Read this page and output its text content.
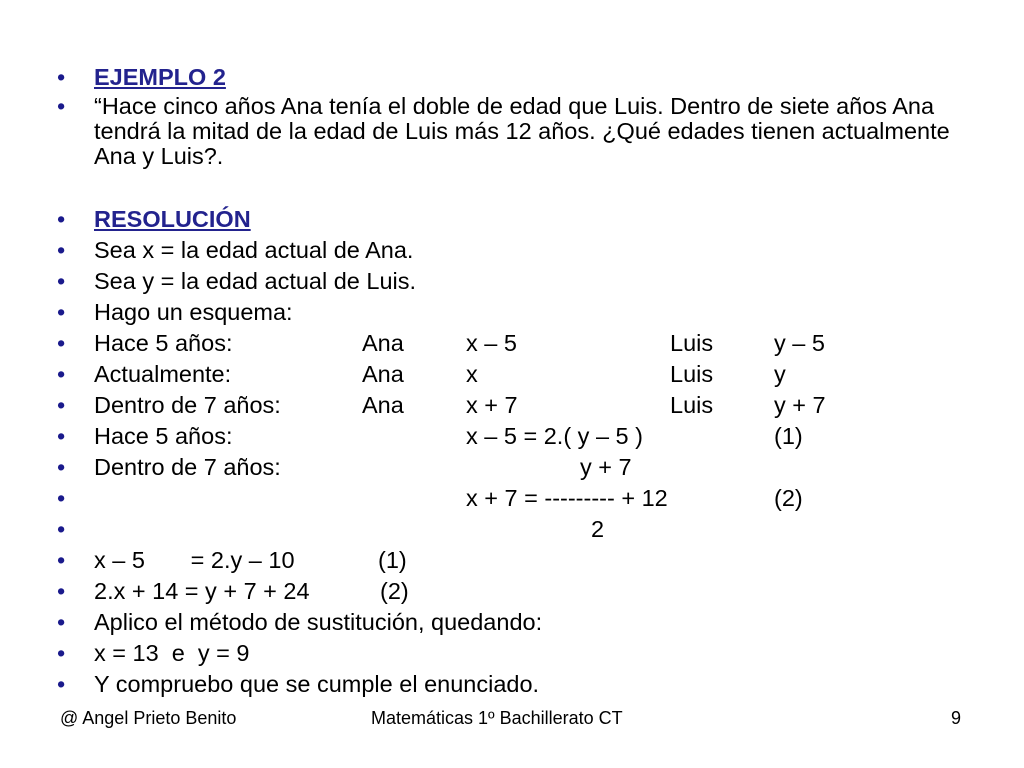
• EJEMPLO 2
• “Hace cinco años Ana tenía el doble de edad que Luis. Dentro de siete años Ana tendrá la mitad de la edad de Luis más 12 años. ¿Qué edades tienen actualmente Ana y Luis?.
• RESOLUCIÓN
• Sea x = la edad actual de Ana.
• Sea y = la edad actual de Luis.
• Hago un esquema:
• Hace 5 años:	Ana	x – 5	Luis	y – 5
• Actualmente:	Ana	x	Luis	y
• Dentro de 7 años:	Ana	x + 7	Luis	y + 7
• Hace 5 años:	x – 5 = 2.( y – 5 )	(1)
• Dentro de 7 años:	y + 7
•	x + 7 = --------- + 12	(2)
•	2
• x – 5       = 2.y – 10	(1)
• 2.x + 14 = y + 7 + 24	(2)
• Aplico el método de sustitución, quedando:
• x = 13  e  y = 9
• Y compruebo que se cumple el enunciado.
@ Angel Prieto Benito	Matemáticas 1º Bachillerato CT	9
